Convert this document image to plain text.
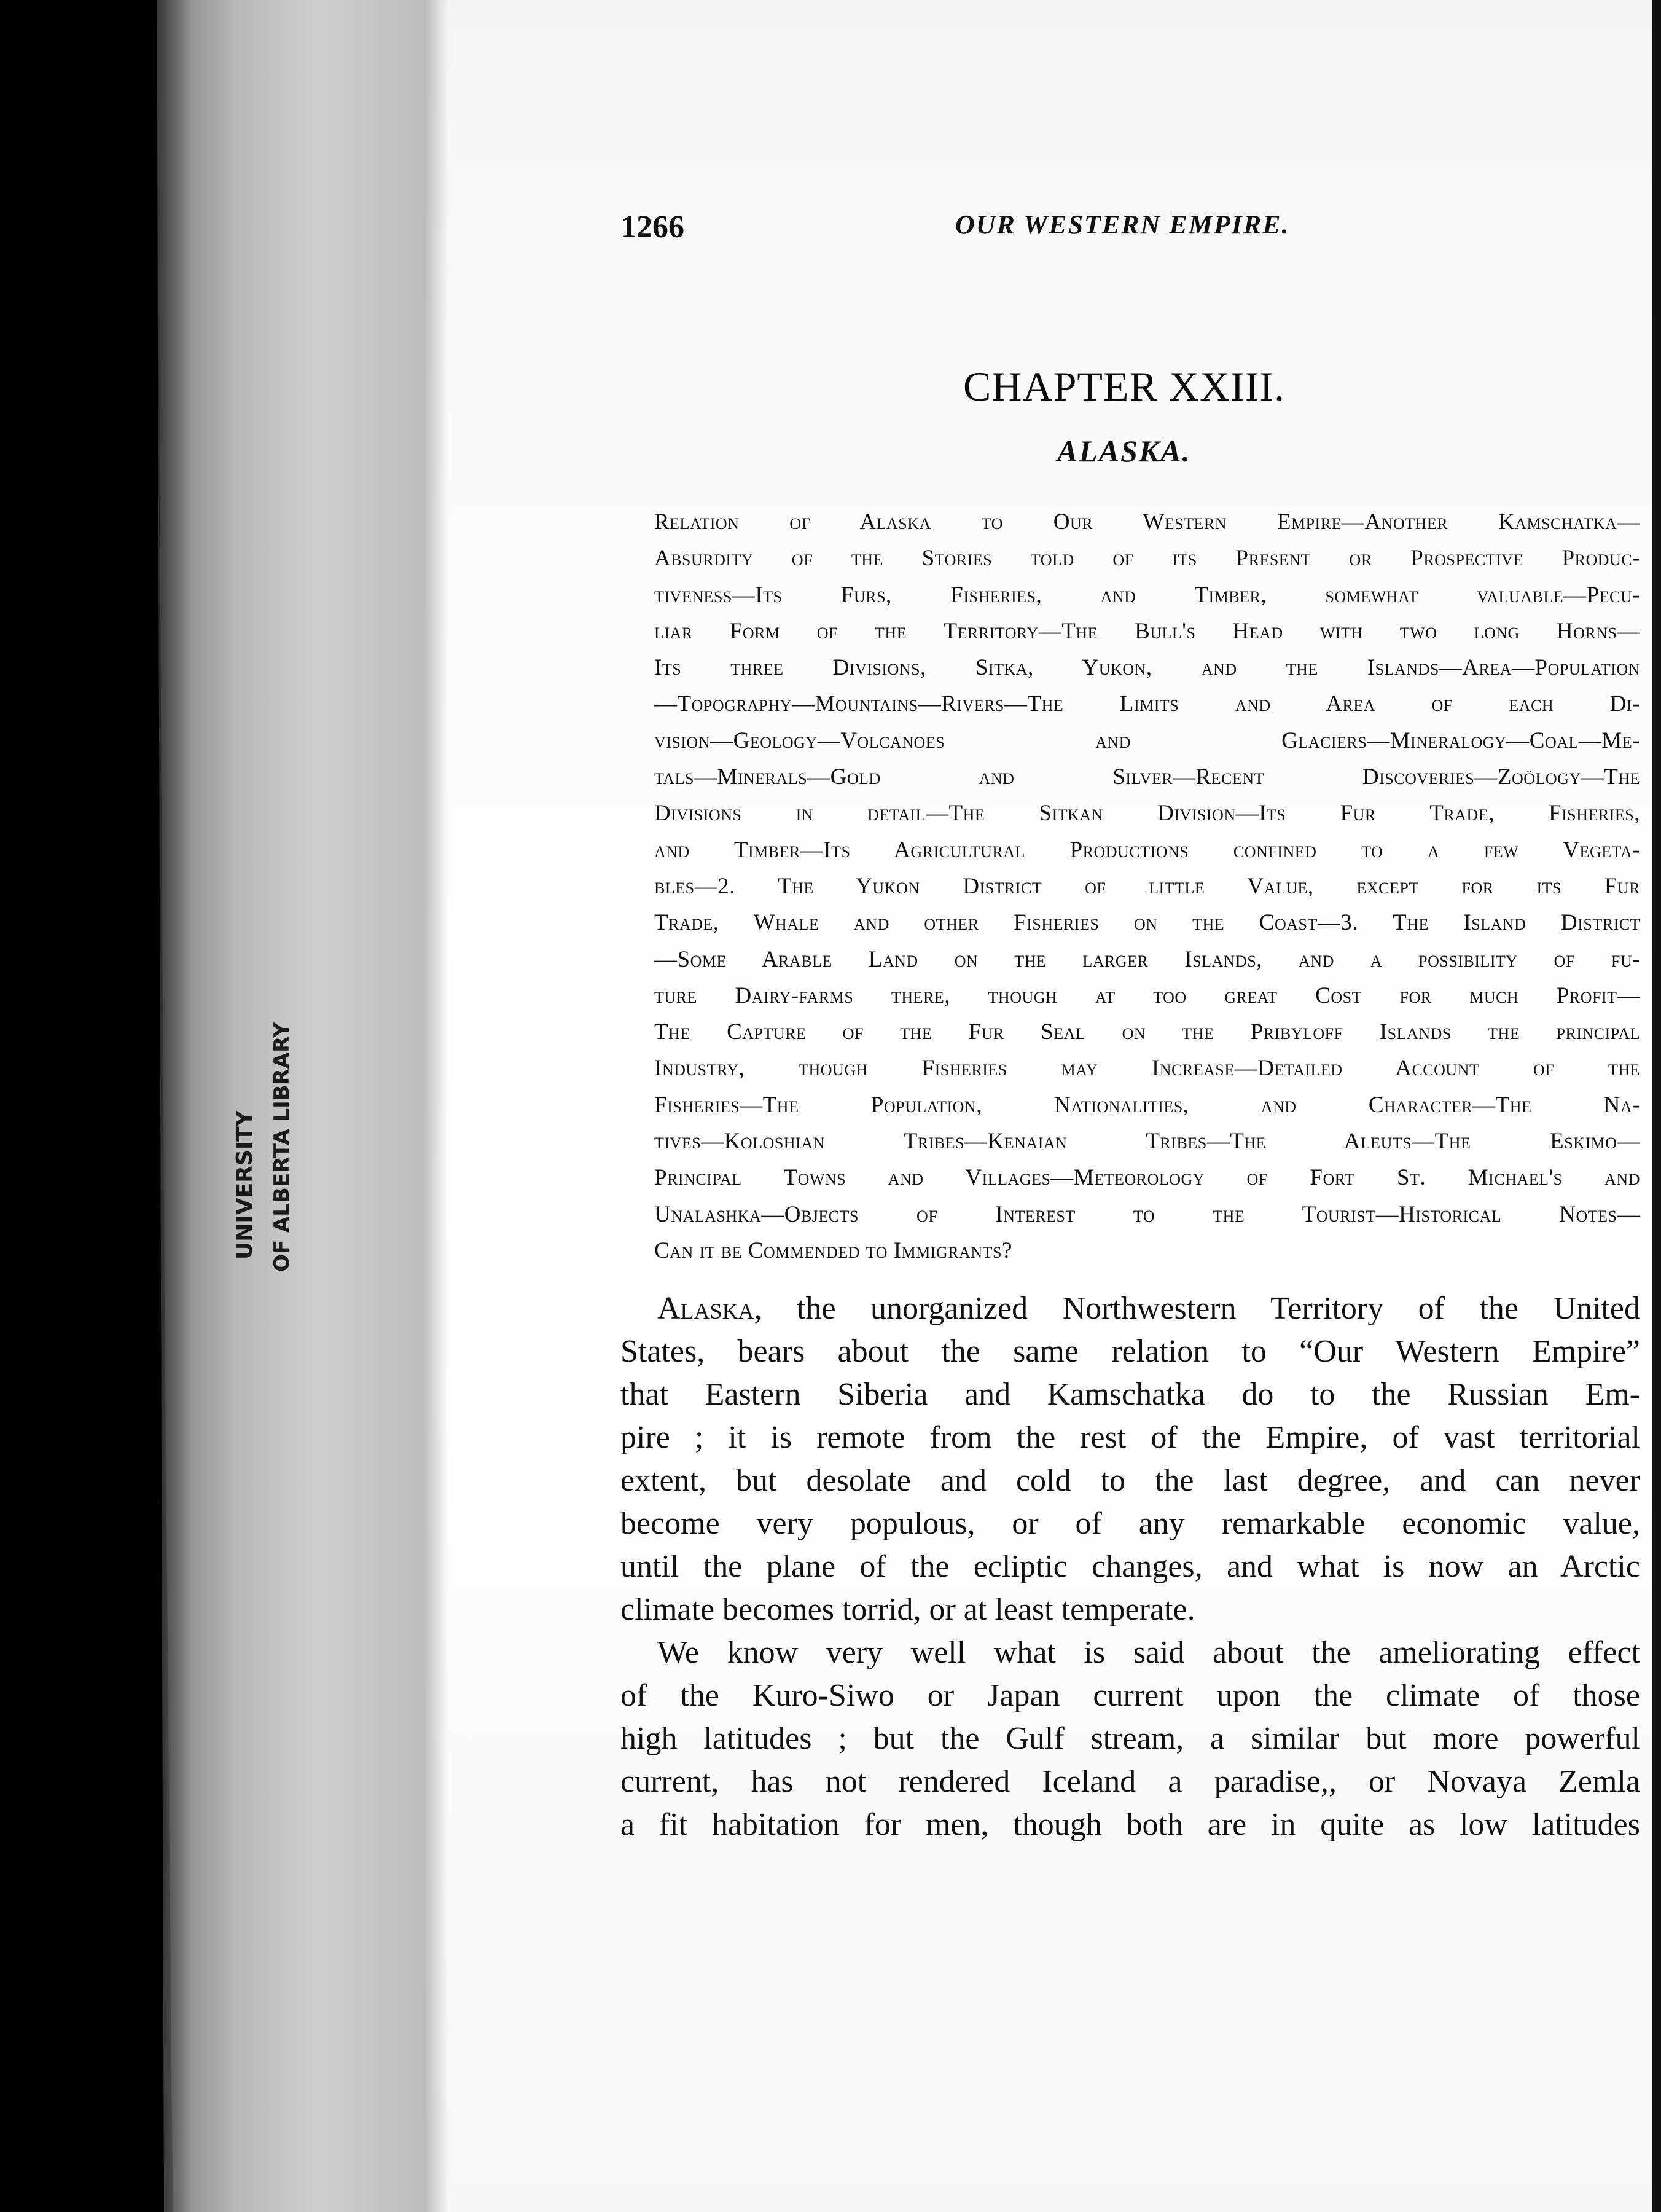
UNIVERSITY OF ALBERTA LIBRARY
1266	OUR WESTERN EMPIRE.
CHAPTER XXIII.
ALASKA.
Relation of Alaska to Our Western Empire—Another Kamschatka—
Absurdity of the Stories told of its Present or Prospective Produc-
tiveness—Its Furs, Fisheries, and Timber, somewhat valuable—Pecu-
liar Form of the Territory—The Bull's Head with two long Horns—
Its three Divisions, Sitka, Yukon, and the Islands—Area—Population
—Topography—Mountains—Rivers—The Limits and Area of each Di-
vision—Geology—Volcanoes and Glaciers—Mineralogy—Coal—Me-
tals—Minerals—Gold and Silver—Recent Discoveries—Zoölogy—The
Divisions in detail—The Sitkan Division—Its Fur Trade, Fisheries,
and Timber—Its Agricultural Productions confined to a few Vegeta-
bles—2. The Yukon District of little Value, except for its Fur
Trade, Whale and other Fisheries on the Coast—3. The Island District
—Some Arable Land on the larger Islands, and a possibility of fu-
ture Dairy-farms there, though at too great Cost for much Profit—
The Capture of the Fur Seal on the Pribyloff Islands the principal
Industry, though Fisheries may Increase—Detailed Account of the
Fisheries—The Population, Nationalities, and Character—The Na-
tives—Koloshian Tribes—Kenaian Tribes—The Aleuts—The Eskimo—
Principal Towns and Villages—Meteorology of Fort St. Michael's and
Unalashka—Objects of Interest to the Tourist—Historical Notes—
Can it be Commended to Immigrants?
Alaska, the unorganized Northwestern Territory of the United
States, bears about the same relation to “Our Western Empire”
that Eastern Siberia and Kamschatka do to the Russian Em-
pire ; it is remote from the rest of the Empire, of vast territorial
extent, but desolate and cold to the last degree, and can never
become very populous, or of any remarkable economic value,
until the plane of the ecliptic changes, and what is now an Arctic
climate becomes torrid, or at least temperate.
We know very well what is said about the ameliorating effect
of the Kuro-Siwo or Japan current upon the climate of those
high latitudes ; but the Gulf stream, a similar but more powerful
current, has not rendered Iceland a paradise,, or Novaya Zemla
a fit habitation for men, though both are in quite as low latitudes
